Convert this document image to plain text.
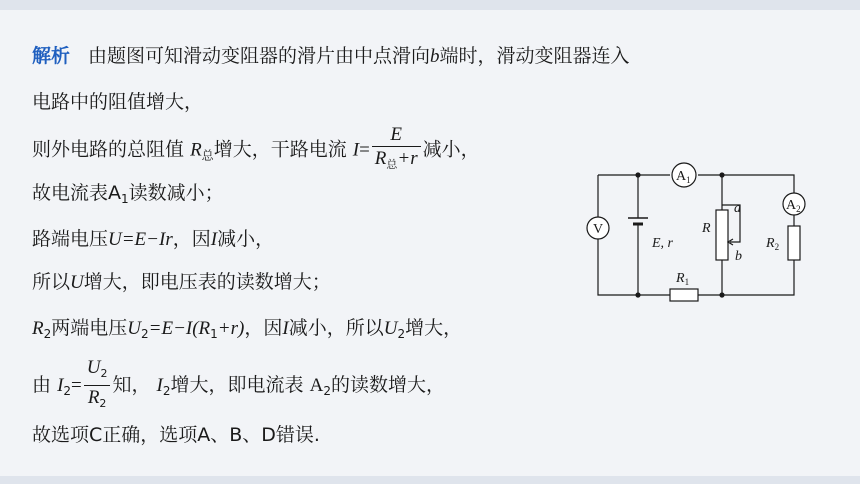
解析 由题图可知滑动变阻器的滑片由中点滑向b端时，滑动变阻器连入
电路中的阻值增大，
则外电路的总阻值 $R_总$增大，干路电流 $I= \frac{E}{R_总+r}$ 减小，
故电流表$A_1$读数减小；
路端电压U=E−Ir，因I减小，
所以U增大，即电压表的读数增大；
$R_2$两端电压$U_2=E-I(R_1+r)$，因I减小，所以$U_2$增大，
由 $I_2= \frac{U_2}{R_2}$ 知， $I_2$增大，即电流表 $A_2$的读数增大，
故选项C正确，选项A、B、D错误.
V
$A_1$
$A_2$
E, r
R
a
b
$R_1$
$R_2$
